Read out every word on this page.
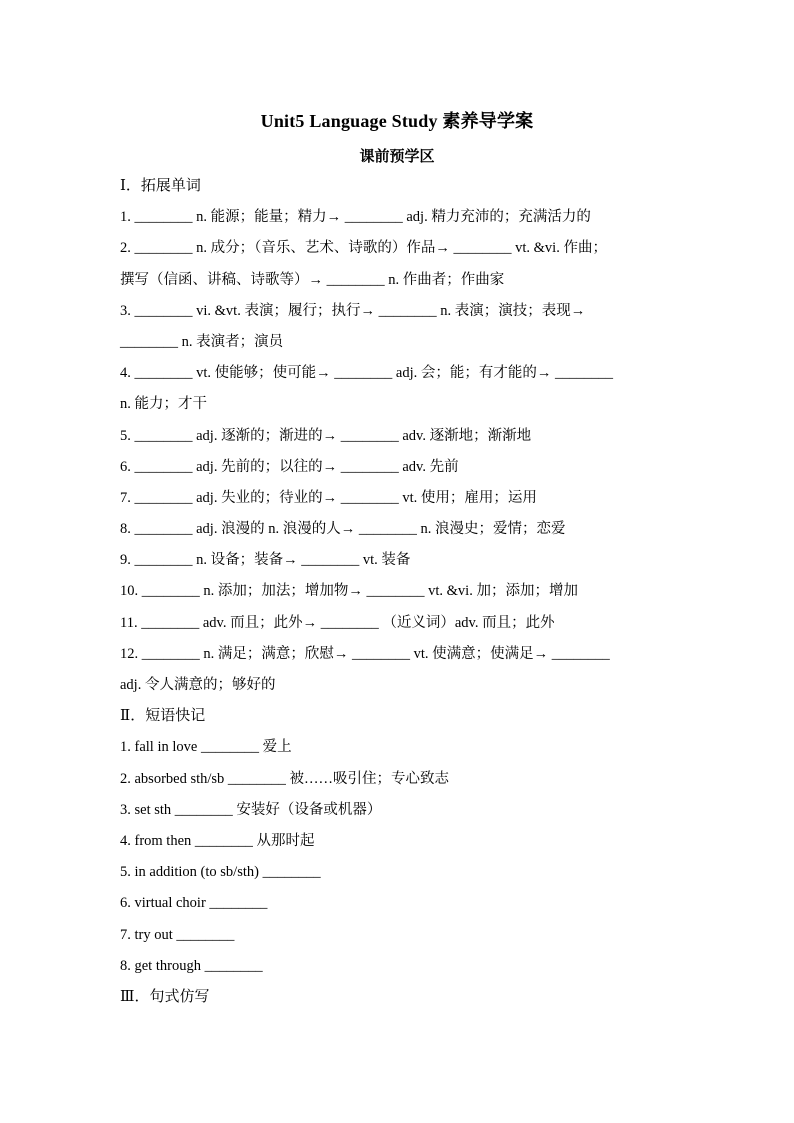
Unit5 Language Study 素养导学案
课前预学区
Ⅰ．拓展单词
1. ________ n. 能源；能量；精力→ ________ adj. 精力充沛的；充满活力的
2. ________ n. 成分；（音乐、艺术、诗歌的）作品→ ________ vt. &vi. 作曲；
撰写（信函、讲稿、诗歌等）→ ________ n. 作曲者；作曲家
3. ________ vi. &vt. 表演；履行；执行→ ________ n. 表演；演技；表现→
________ n. 表演者；演员
4. ________ vt. 使能够；使可能→ ________ adj. 会；能；有才能的→ ________
n. 能力；才干
5. ________ adj. 逐渐的；渐进的→ ________ adv. 逐渐地；渐渐地
6. ________ adj. 先前的；以往的→ ________ adv. 先前
7. ________ adj. 失业的；待业的→ ________ vt. 使用；雇用；运用
8. ________ adj. 浪漫的 n. 浪漫的人→ ________ n. 浪漫史；爱情；恋爱
9. ________ n. 设备；装备→ ________ vt. 装备
10. ________ n. 添加；加法；增加物→ ________ vt. &vi. 加；添加；增加
11. ________ adv. 而且；此外→ ________ （近义词）adv. 而且；此外
12. ________ n. 满足；满意；欣慰→ ________ vt. 使满意；使满足→ ________
adj. 令人满意的；够好的
Ⅱ．短语快记
1. fall in love ________ 爱上
2. absorbed sth/sb ________ 被……吸引住；专心致志
3. set sth ________ 安装好（设备或机器）
4. from then ________ 从那时起
5. in addition (to sb/sth) ________
6. virtual choir ________
7. try out ________
8. get through ________
Ⅲ．句式仿写
